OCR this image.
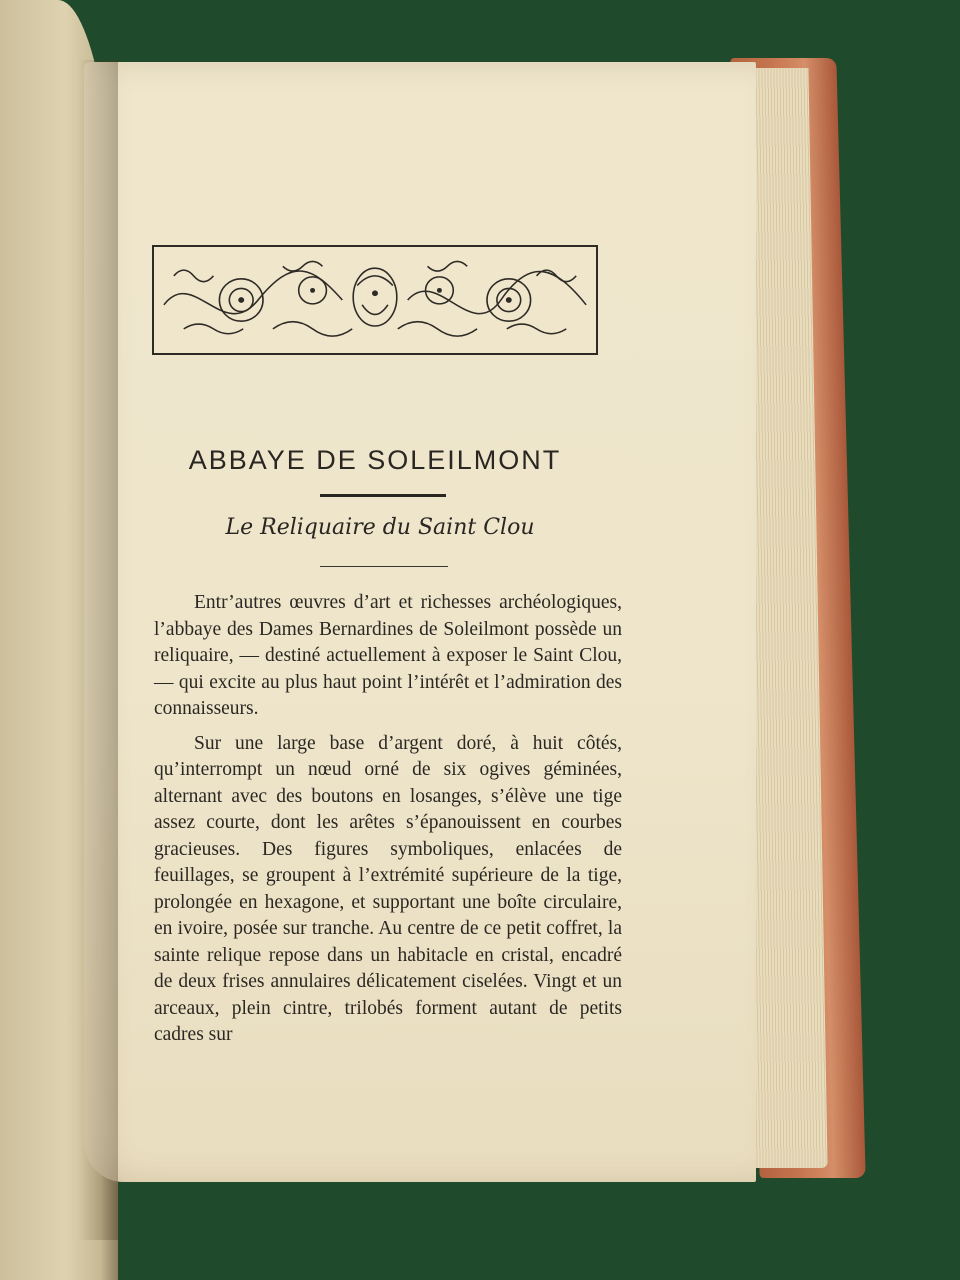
ABBAYE DE SOLEILMONT
Le Reliquaire du Saint Clou

Entr’autres œuvres d’art et richesses archéologiques, l’abbaye des Dames Bernardines de Soleilmont possède un reliquaire, — destiné actuellement à exposer le Saint Clou, — qui excite au plus haut point l’intérêt et l’admiration des connaisseurs.

Sur une large base d’argent doré, à huit côtés, qu’interrompt un nœud orné de six ogives géminées, alternant avec des boutons en losanges, s’élève une tige assez courte, dont les arêtes s’épanouissent en courbes gracieuses. Des figures symboliques, enlacées de feuillages, se groupent à l’extrémité supérieure de la tige, prolongée en hexagone, et supportant une boîte circulaire, en ivoire, posée sur tranche. Au centre de ce petit coffret, la sainte relique repose dans un habitacle en cristal, encadré de deux frises annulaires délicatement ciselées. Vingt et un arceaux, plein cintre, trilobés forment autant de petits cadres sur
